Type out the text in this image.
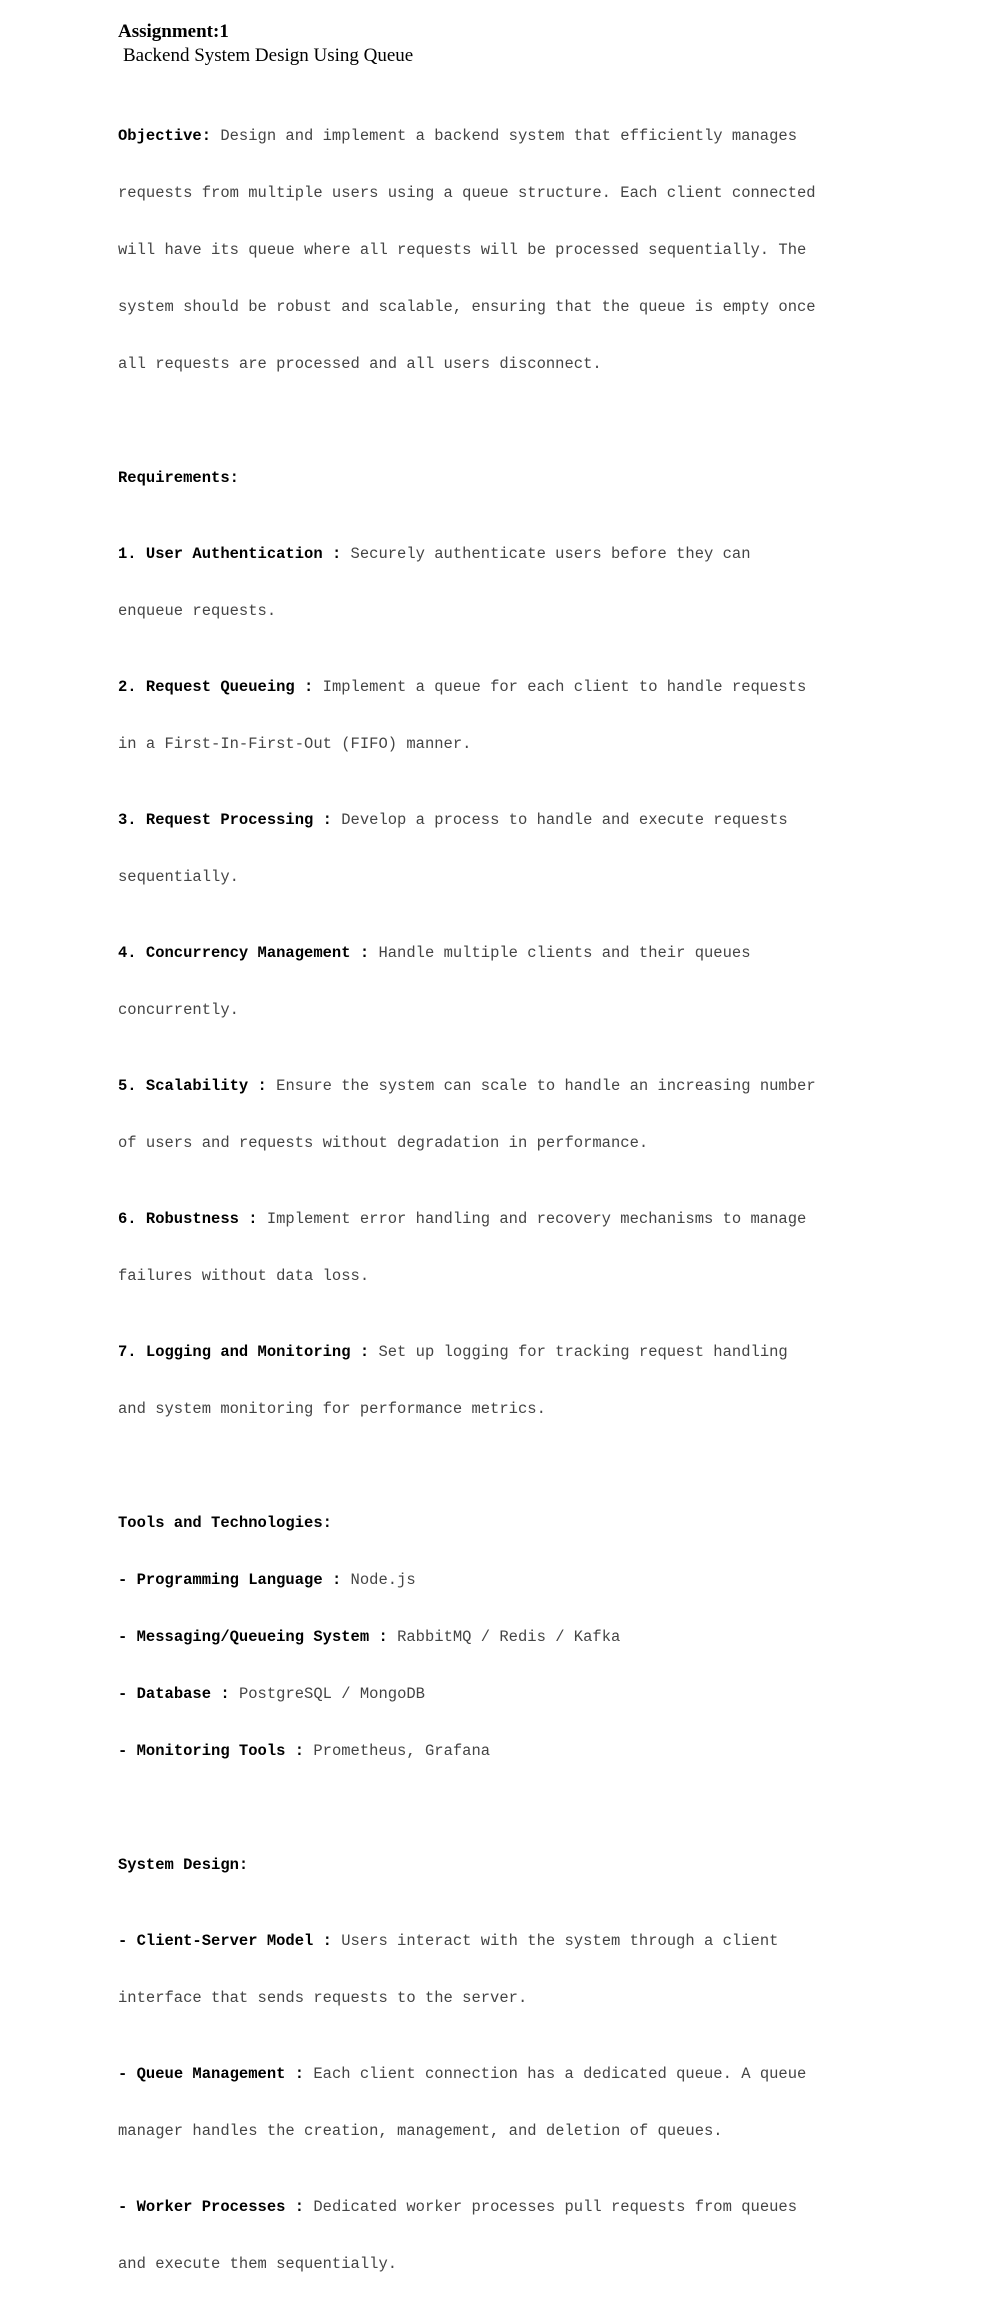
Assignment:1
Backend System Design Using Queue

Objective: Design and implement a backend system that efficiently manages

requests from multiple users using a queue structure. Each client connected

will have its queue where all requests will be processed sequentially. The

system should be robust and scalable, ensuring that the queue is empty once

all requests are processed and all users disconnect.

Requirements:

1. User Authentication : Securely authenticate users before they can

enqueue requests.

2. Request Queueing : Implement a queue for each client to handle requests

in a First-In-First-Out (FIFO) manner.

3. Request Processing : Develop a process to handle and execute requests

sequentially.

4. Concurrency Management : Handle multiple clients and their queues

concurrently.

5. Scalability : Ensure the system can scale to handle an increasing number

of users and requests without degradation in performance.

6. Robustness : Implement error handling and recovery mechanisms to manage

failures without data loss.

7. Logging and Monitoring : Set up logging for tracking request handling

and system monitoring for performance metrics.

Tools and Technologies:

- Programming Language : Node.js

- Messaging/Queueing System : RabbitMQ / Redis / Kafka

- Database : PostgreSQL / MongoDB

- Monitoring Tools : Prometheus, Grafana

System Design:

- Client-Server Model : Users interact with the system through a client

interface that sends requests to the server.

- Queue Management : Each client connection has a dedicated queue. A queue

manager handles the creation, management, and deletion of queues.

- Worker Processes : Dedicated worker processes pull requests from queues

and execute them sequentially.
